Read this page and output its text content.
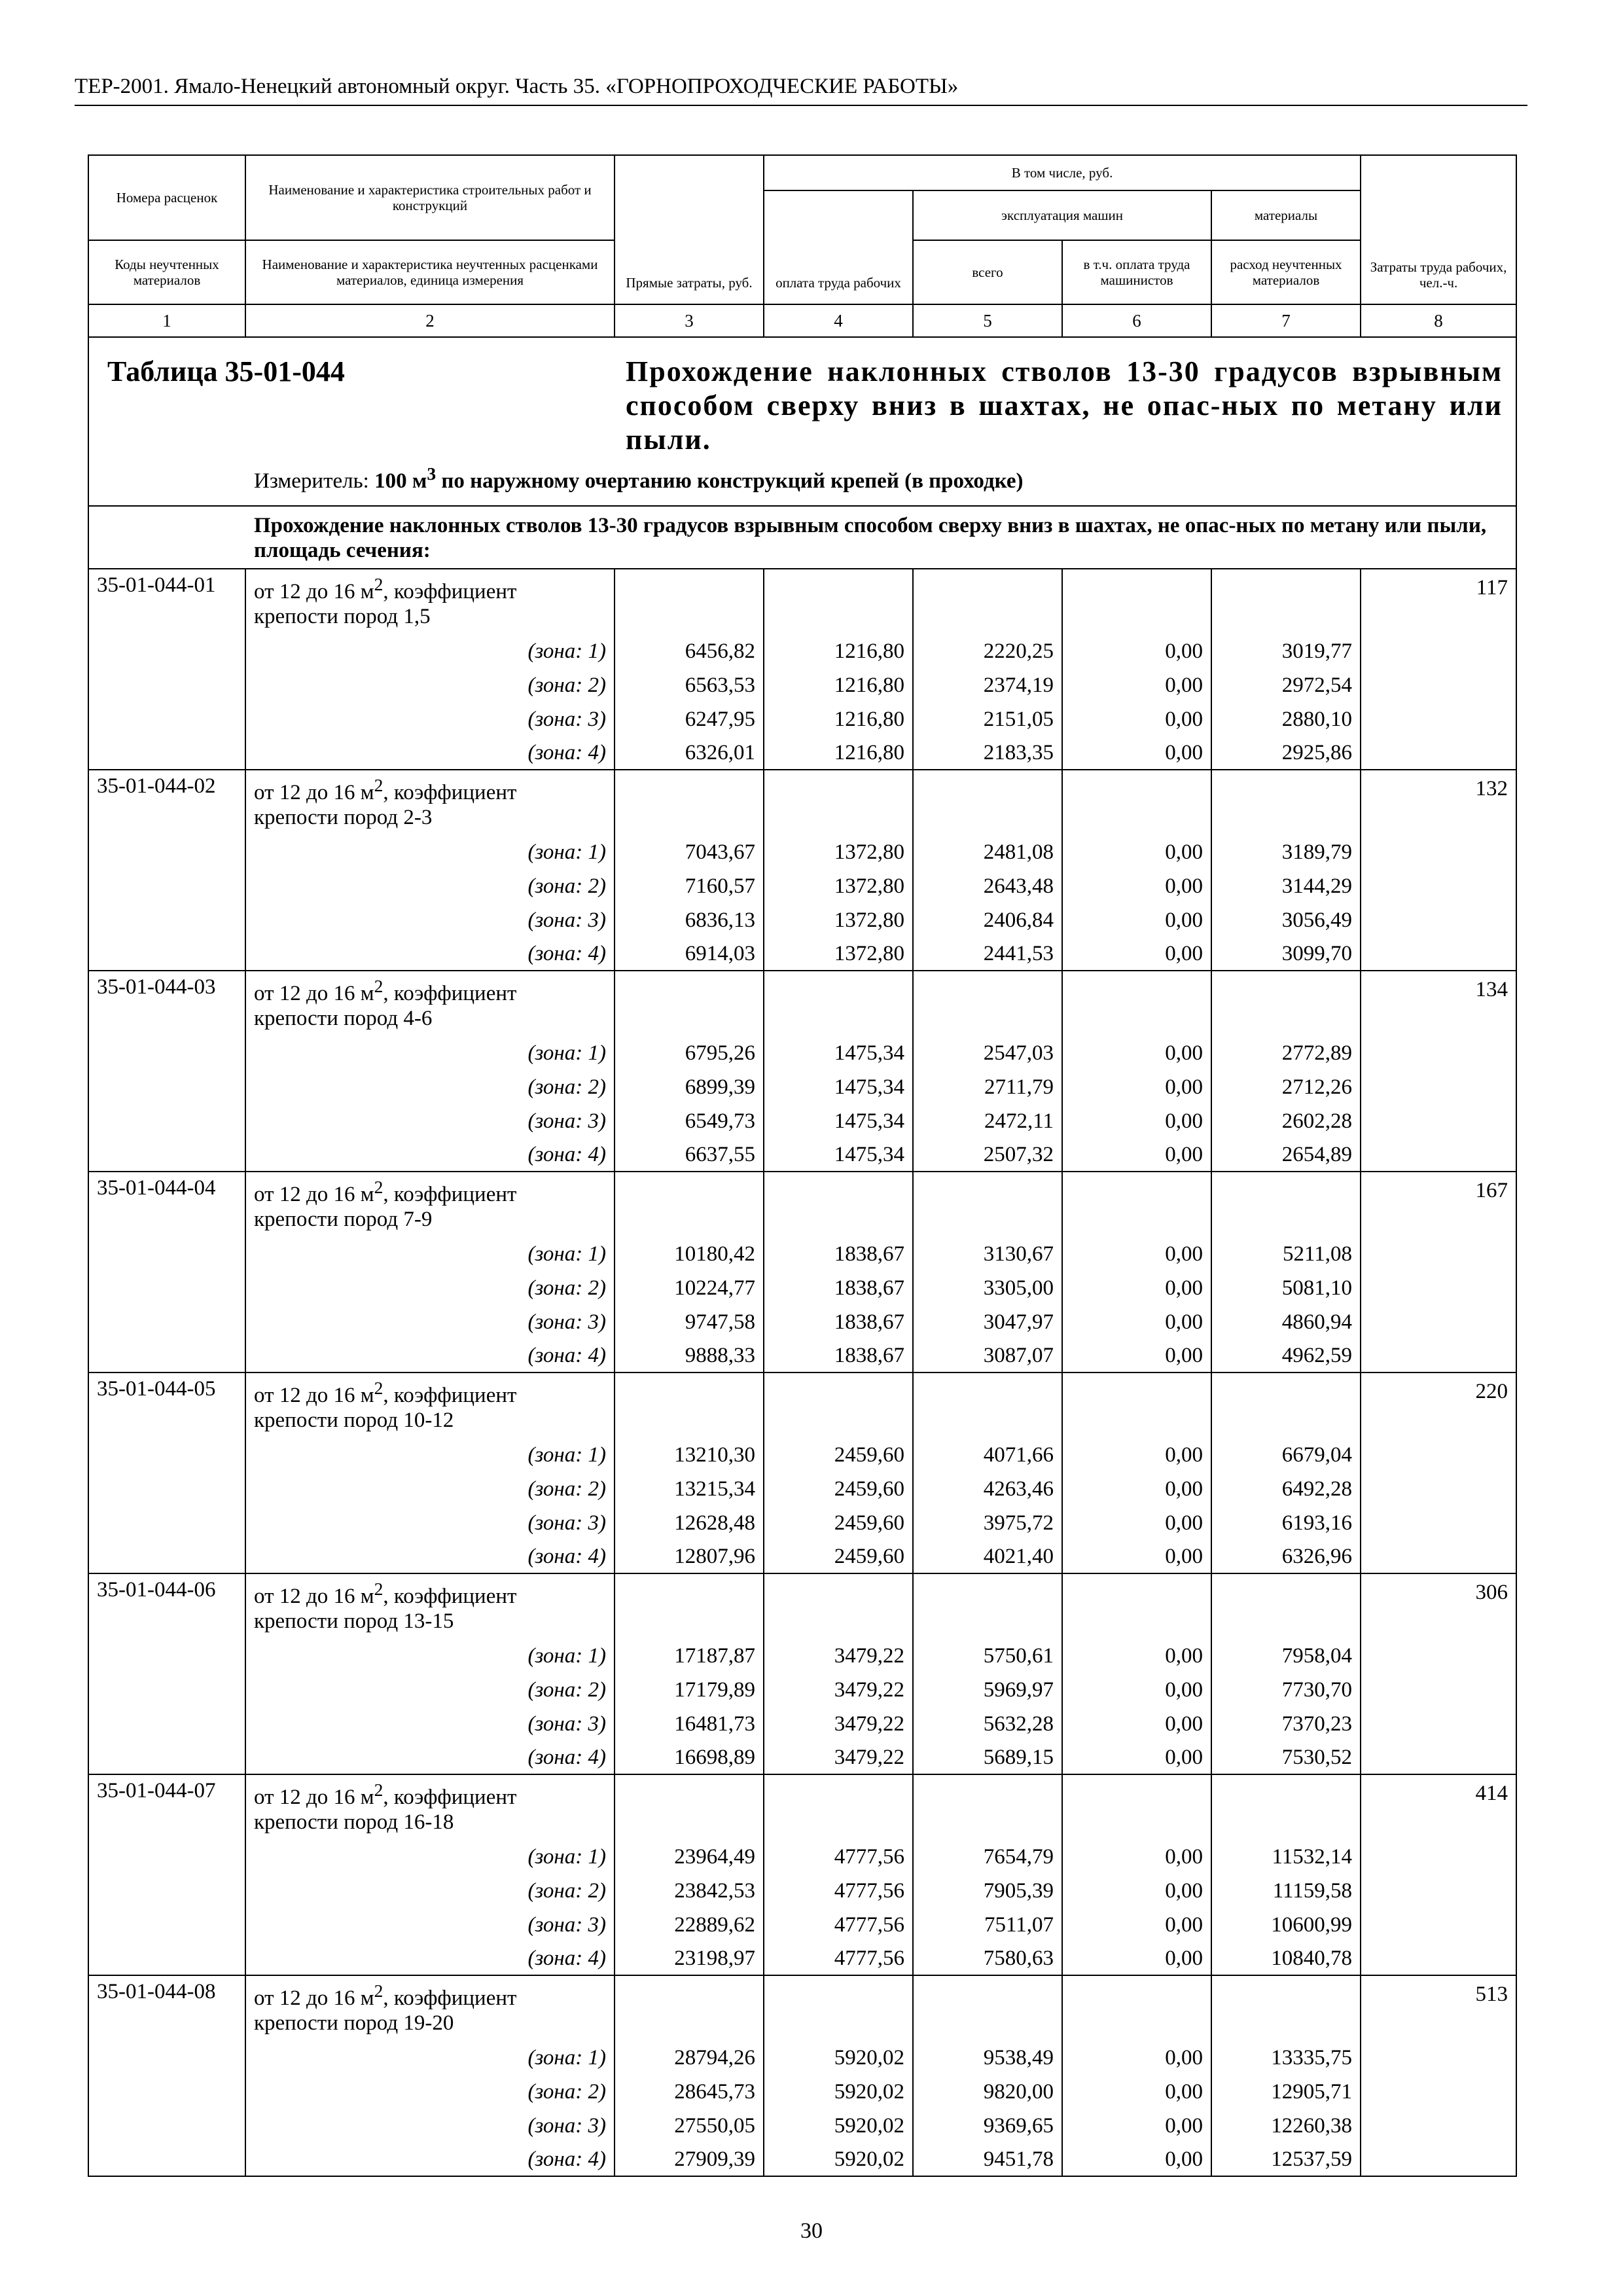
ТЕР-2001. Ямало-Ненецкий автономный округ. Часть 35. «ГОРНОПРОХОДЧЕСКИЕ РАБОТЫ»
Номера расценок	Наименование и характеристика строительных работ и конструкций	Прямые затраты, руб.	В том числе, руб.				Затраты труда рабочих, чел.-ч.
			оплата труда рабочих	эксплуатация машин		материалы	
Коды неучтенных материалов	Наименование и характеристика неучтенных расценками материалов, единица измерения			всего	в т.ч. оплата труда машинистов	расход неучтенных материалов	
1	2	3	4	5	6	7	8

Таблица 35-01-044 Прохождение наклонных стволов 13-30 градусов взрывным способом сверху вниз в шахтах, не опас-ных по метану или пыли.
Измеритель: 100 $м^3$ по наружному очертанию конструкций крепей (в проходке)							

Прохождение наклонных стволов 13-30 градусов взрывным способом сверху вниз в шахтах, не опас-ных по метану или пыли, площадь сечения:							
35-01-044-01	от 12 до 16 $м^2$, коэффициент крепости пород 1,5						117

	(зона: 1)	6456,82	1216,80	2220,25	0,00	3019,77	
	(зона: 2)	6563,53	1216,80	2374,19	0,00	2972,54	
	(зона: 3)	6247,95	1216,80	2151,05	0,00	2880,10	
	(зона: 4)	6326,01	1216,80	2183,35	0,00	2925,86	
35-01-044-02	от 12 до 16 $м^2$, коэффициент крепости пород 2-3						132

	(зона: 1)	7043,67	1372,80	2481,08	0,00	3189,79	
	(зона: 2)	7160,57	1372,80	2643,48	0,00	3144,29	
	(зона: 3)	6836,13	1372,80	2406,84	0,00	3056,49	
	(зона: 4)	6914,03	1372,80	2441,53	0,00	3099,70	
35-01-044-03	от 12 до 16 $м^2$, коэффициент крепости пород 4-6						134

	(зона: 1)	6795,26	1475,34	2547,03	0,00	2772,89	
	(зона: 2)	6899,39	1475,34	2711,79	0,00	2712,26	
	(зона: 3)	6549,73	1475,34	2472,11	0,00	2602,28	
	(зона: 4)	6637,55	1475,34	2507,32	0,00	2654,89	
35-01-044-04	от 12 до 16 $м^2$, коэффициент крепости пород 7-9						167

	(зона: 1)	10180,42	1838,67	3130,67	0,00	5211,08	
	(зона: 2)	10224,77	1838,67	3305,00	0,00	5081,10	
	(зона: 3)	9747,58	1838,67	3047,97	0,00	4860,94	
	(зона: 4)	9888,33	1838,67	3087,07	0,00	4962,59	
35-01-044-05	от 12 до 16 $м^2$, коэффициент крепости пород 10-12						220

	(зона: 1)	13210,30	2459,60	4071,66	0,00	6679,04	
	(зона: 2)	13215,34	2459,60	4263,46	0,00	6492,28	
	(зона: 3)	12628,48	2459,60	3975,72	0,00	6193,16	
	(зона: 4)	12807,96	2459,60	4021,40	0,00	6326,96	
35-01-044-06	от 12 до 16 $м^2$, коэффициент крепости пород 13-15						306

	(зона: 1)	17187,87	3479,22	5750,61	0,00	7958,04	
	(зона: 2)	17179,89	3479,22	5969,97	0,00	7730,70	
	(зона: 3)	16481,73	3479,22	5632,28	0,00	7370,23	
	(зона: 4)	16698,89	3479,22	5689,15	0,00	7530,52	
35-01-044-07	от 12 до 16 $м^2$, коэффициент крепости пород 16-18						414

	(зона: 1)	23964,49	4777,56	7654,79	0,00	11532,14	
	(зона: 2)	23842,53	4777,56	7905,39	0,00	11159,58	
	(зона: 3)	22889,62	4777,56	7511,07	0,00	10600,99	
	(зона: 4)	23198,97	4777,56	7580,63	0,00	10840,78	
35-01-044-08	от 12 до 16 $м^2$, коэффициент крепости пород 19-20						513

	(зона: 1)	28794,26	5920,02	9538,49	0,00	13335,75	
	(зона: 2)	28645,73	5920,02	9820,00	0,00	12905,71	
	(зона: 3)	27550,05	5920,02	9369,65	0,00	12260,38	
	(зона: 4)	27909,39	5920,02	9451,78	0,00	12537,59	
30
